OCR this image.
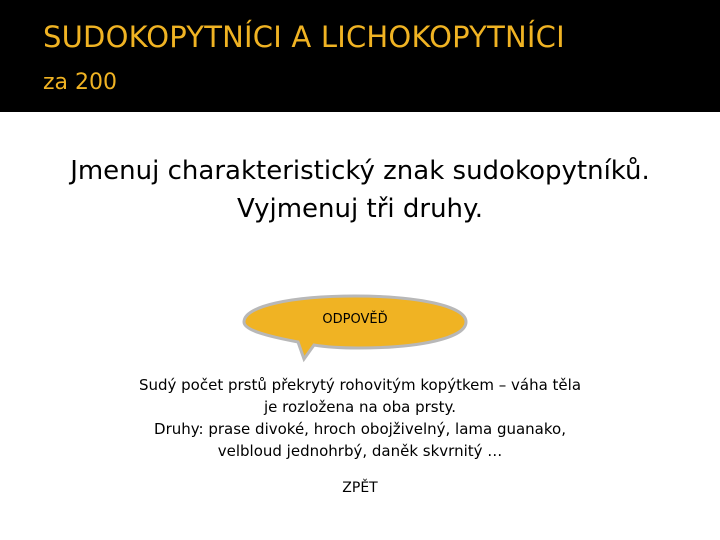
SUDOKOPYTNÍCI A LICHOKOPYTNÍCI
za 200
Jmenuj charakteristický znak sudokopytníků.
Vyjmenuj tři druhy.
ODPOVĚĎ
Sudý počet prstů překrytý rohovitým kopýtkem – váha těla
je rozložena na oba prsty.
Druhy: prase divoké, hroch obojživelný, lama guanako,
velbloud jednohrbý, daněk skvrnitý …
ZPĚT
